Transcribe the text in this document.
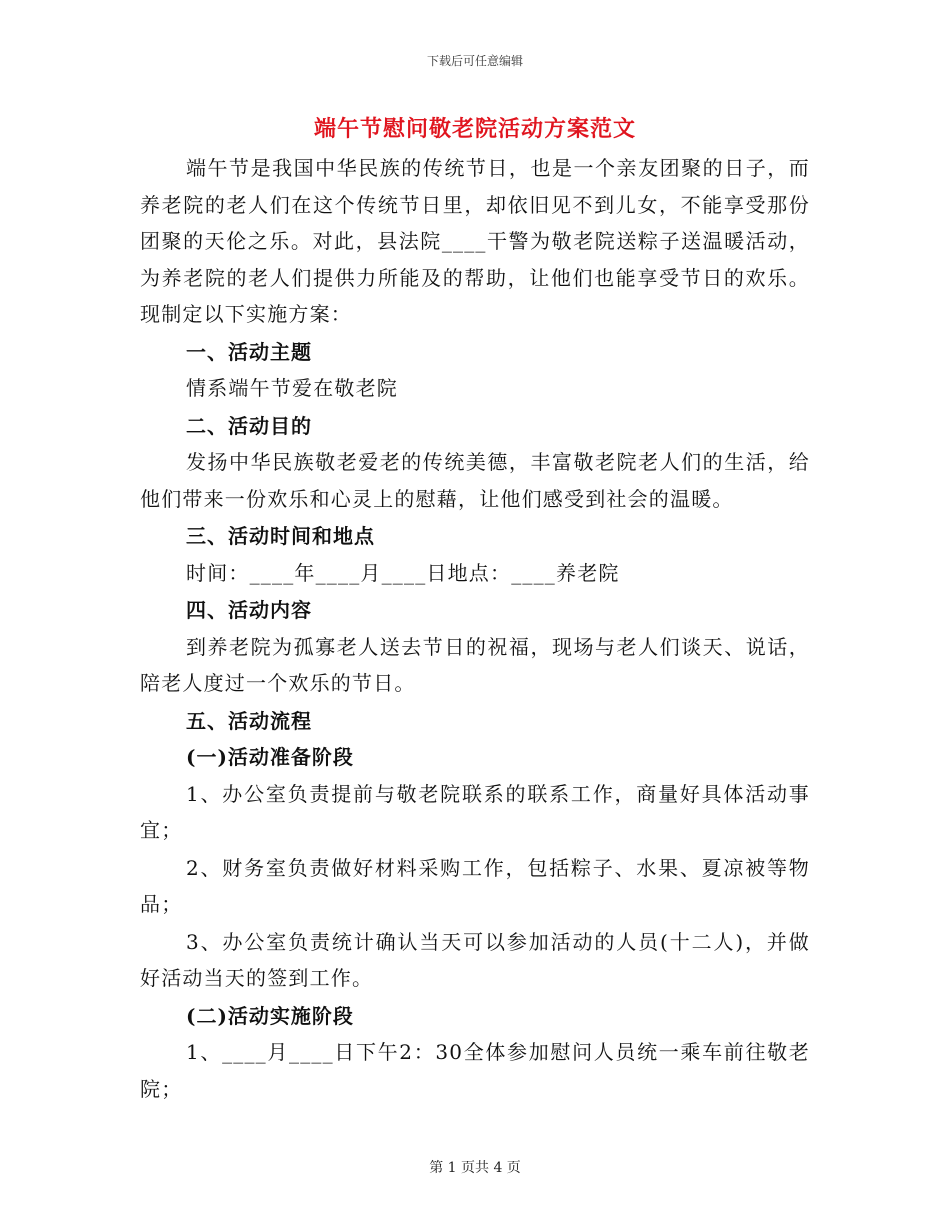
下载后可任意编辑
端午节慰问敬老院活动方案范文

端午节是我国中华民族的传统节日，也是一个亲友团聚的日子，而养老院的老人们在这个传统节日里，却依旧见不到儿女，不能享受那份团聚的天伦之乐。对此，县法院____干警为敬老院送粽子送温暖活动，为养老院的老人们提供力所能及的帮助，让他们也能享受节日的欢乐。现制定以下实施方案：

一、活动主题

情系端午节爱在敬老院

二、活动目的

发扬中华民族敬老爱老的传统美德，丰富敬老院老人们的生活，给他们带来一份欢乐和心灵上的慰藉，让他们感受到社会的温暖。

三、活动时间和地点

时间：____年____月____日地点：____养老院

四、活动内容

到养老院为孤寡老人送去节日的祝福，现场与老人们谈天、说话，陪老人度过一个欢乐的节日。

五、活动流程

(一)活动准备阶段

1、办公室负责提前与敬老院联系的联系工作，商量好具体活动事宜；

2、财务室负责做好材料采购工作，包括粽子、水果、夏凉被等物品；

3、办公室负责统计确认当天可以参加活动的人员(十二人)，并做好活动当天的签到工作。

(二)活动实施阶段

1、____月____日下午2：30全体参加慰问人员统一乘车前往敬老院；

第 1 页共 4 页
